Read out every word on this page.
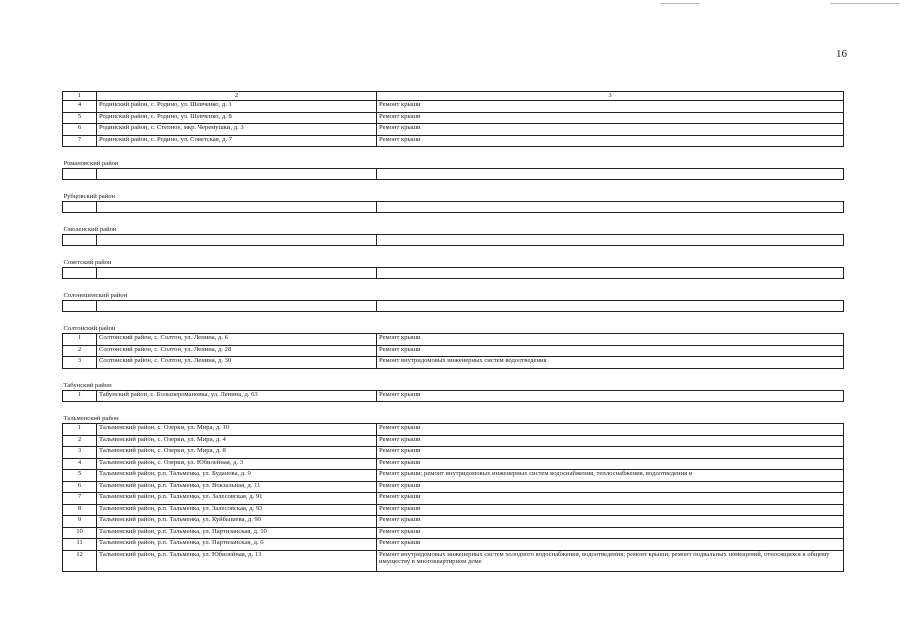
16
1	2	3
4	Родинский район, с. Родино, ул. Шевченко, д. 1	Ремонт крыши
5	Родинский район, с. Родино, ул. Шевченко, д. 8	Ремонт крыши
6	Родинский район, с. Степное, мкр. Черемушки, д. 3	Ремонт крыши
7	Родинский район, с. Родино, ул. Советская, д. 7	Ремонт крыши
Романовский район		

Рубцовский район		

Смоленский район		

Советский район		

Солонешенский район		

Солтонский район		
1	Солтонский район, с. Солтон, ул. Ленина, д. 6	Ремонт крыши
2	Солтонский район, с. Солтон, ул. Ленина, д. 28	Ремонт крыши
3	Солтонский район, с. Солтон, ул. Ленина, д. 30	Ремонт внутридомовых инженерных систем водоотведения
Табунский район		
1	Табунский район, с. Большеромановка, ул. Ленина, д. 63	Ремонт крыши
Тальменский район		
1	Тальменский район, с. Озерки, ул. Мира, д. 10	Ремонт крыши
2	Тальменский район, с. Озерки, ул. Мира, д. 4	Ремонт крыши
3	Тальменский район, с. Озерки, ул. Мира, д. 8	Ремонт крыши
4	Тальменский район, с. Озерки, ул. Юбилейная, д. 3	Ремонт крыши
5	Тальменский район, р.п. Тальменка, ул. Буданова, д. 9	Ремонт крыши; ремонт внутридомовых инженерных систем водоснабжения, теплоснабжения, водоотведения и
6	Тальменский район, р.п. Тальменка, ул. Вокзальная, д. 11	Ремонт крыши
7	Тальменский район, р.п. Тальменка, ул. Залесовская, д. 91	Ремонт крыши
8	Тальменский район, р.п. Тальменка, ул. Залесовская, д. 93	Ремонт крыши
9	Тальменский район, р.п. Тальменка, ул. Куйбышева, д. 90	Ремонт крыши
10	Тальменский район, р.п. Тальменка, ул. Партизанская, д. 10	Ремонт крыши
11	Тальменский район, р.п. Тальменка, ул. Партизанская, д. 6	Ремонт крыши
12	Тальменский район, р.п. Тальменка, ул. Юбилейная, д. 13	Ремонт внутридомовых инженерных систем холодного водоснабжения, водоотведения; ремонт крыши; ремонт подвальных помещений, относящихся к общему имуществу в многоквартирном доме
